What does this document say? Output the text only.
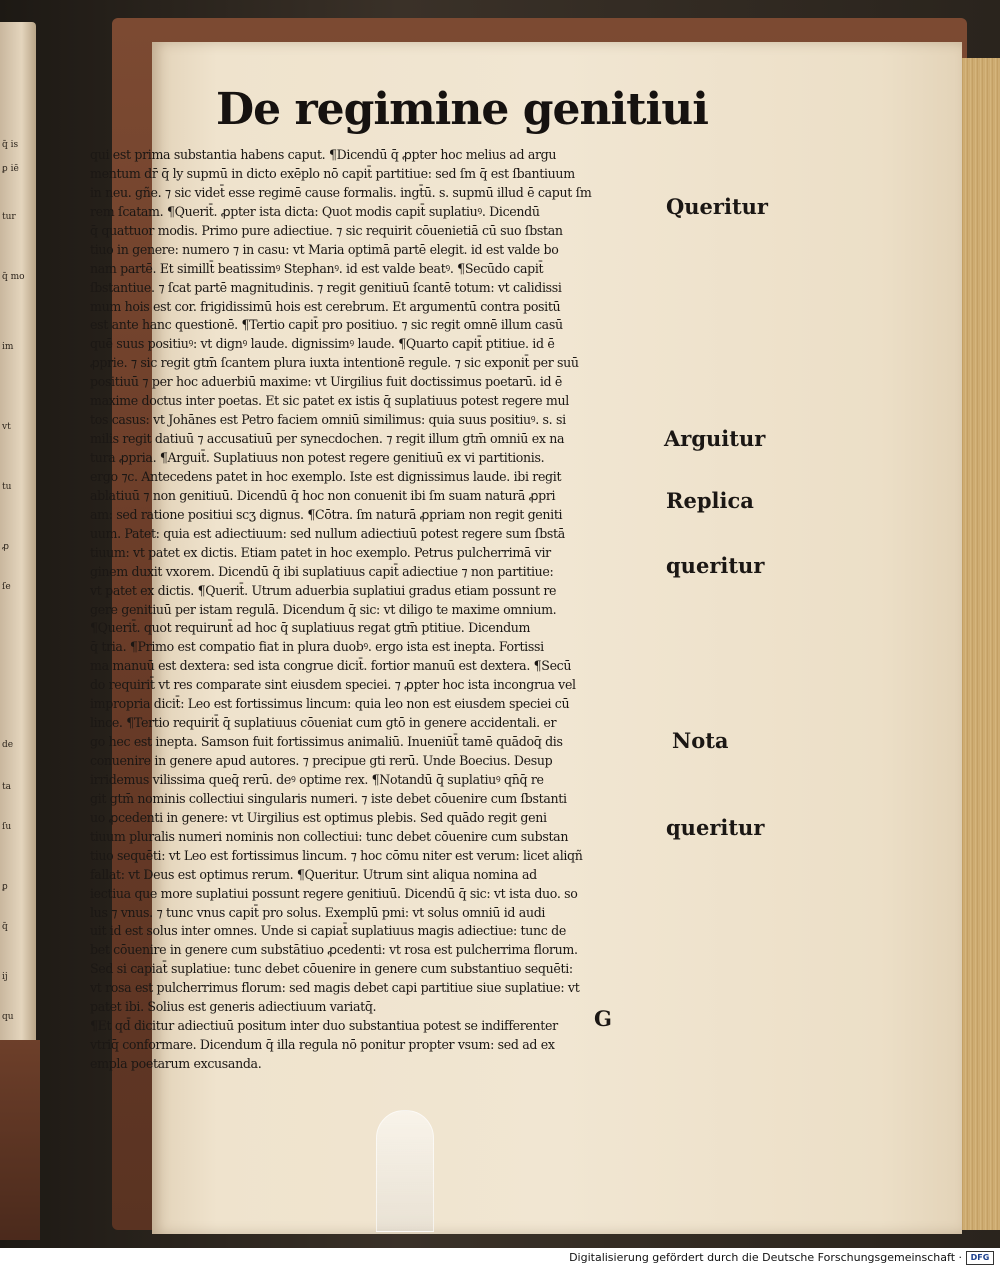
q̄ is
ꝑ iē
tur
q̄ mo
im
vt
tu
ꝓ
ſe
de
ta
ſu
ꝑ
q̄
ij
qu
De regimine genitiui
qui est prima substantia habens caput. ¶Dicendū q̄ ꝓpter hoc melius ad argu
mentum dr̄ q̄ ly supmū in dicto exēplo nō capit̄ partitiue: sed ſm q̄ est ſbantiuum
in neu. gñe. ⁊ sic videt̄ esse regimē cause formalis. ingt̄ū. s. supmū illud ē caput ſm
rem ſcatam. ¶Querit̄. ꝓpter ista dicta: Quot modis capit̄ suplatiuꝰ. Dicendū
q̄ quattuor modis. Primo pure adiectiue. ⁊ sic requirit cōuenietiā cū suo ſbstan
tiuo in genere: numero ⁊ in casu: vt Maria optimā partē elegit. id est valde bo
nam partē. Et simillt̄ beatissimꝰ Stephanꝰ. id est valde beatꝰ. ¶Secūdo capit̄
ſbstantiue. ⁊ ſcat partē magnitudinis. ⁊ regit genitiuū ſcantē totum: vt calidissi
mum hois est cor. frigidissimū hois est cerebrum. Et argumentū contra positū
est ante hanc questionē. ¶Tertio capit̄ pro positiuo. ⁊ sic regit omnē illum casū
quē suus positiuꝰ: vt dignꝰ laude. dignissimꝰ laude. ¶Quarto capit̄ ptitiue. id ē
ꝓprie. ⁊ sic regit gtm̄ ſcantem plura iuxta intentionē regule. ⁊ sic exponit̄ per suū
positiuū ⁊ per hoc aduerbiū maxime: vt Uirgilius fuit doctissimus poetarū. id ē
maxime doctus inter poetas. Et sic patet ex istis q̄ suplatiuus potest regere mul
tos casus: vt Johānes est Petro faciem omniū similimus: quia suus positiuꝰ. s. si
milis regit datiuū ⁊ accusatiuū per synecdochen. ⁊ regit illum gtm̄ omniū ex na
tura ꝓpria. ¶Arguit̄. Suplatiuus non potest regere genitiuū ex vi partitionis.
ergo ⁊c. Antecedens patet in hoc exemplo. Iste est dignissimus laude. ibi regit
ablatiuū ⁊ non genitiuū. Dicendū q̄ hoc non conuenit ibi ſm suam naturā ꝓpri
am: sed ratione positiui scʒ dignus. ¶Cōtra. ſm naturā ꝓpriam non regit geniti
uum. Patet: quia est adiectiuum: sed nullum adiectiuū potest regere sum ſbstā
tiuum: vt patet ex dictis. Etiam patet in hoc exemplo. Petrus pulcherrimā vir
ginem duxit vxorem. Dicendū q̄ ibi suplatiuus capit̄ adiectiue ⁊ non partitiue:
vt patet ex dictis. ¶Querit̄. Utrum aduerbia suplatiui gradus etiam possunt re
gere genitiuū per istam regulā. Dicendum q̄ sic: vt diligo te maxime omnium.
¶Querit̄. quot requirunt̄ ad hoc q̄ suplatiuus regat gtm̄ ptitiue. Dicendum
q̄ tria. ¶Primo est compatio fiat in plura duobꝰ. ergo ista est inepta. Fortissi
ma manuū est dextera: sed ista congrue dicit̄. fortior manuū est dextera. ¶Secū
do requirit̄ vt res comparate sint eiusdem speciei. ⁊ ꝓpter hoc ista incongrua vel
impropria dicit̄: Leo est fortissimus lincum: quia leo non est eiusdem speciei cū
lince. ¶Tertio requirit̄ q̄ suplatiuus cōueniat cum gtō in genere accidentali. er
go hec est inepta. Samson fuit fortissimus animaliū. Inueniūt̄ tamē quādoq̄ dis
conuenire in genere apud autores. ⁊ precipue gti rerū. Unde Boecius. Desup
irridemus vilissima queq̄ rerū. deꝰ optime rex. ¶Notandū q̄ suplatiuꝰ qn̄q̄ re
git gtm̄ nominis collectiui singularis numeri. ⁊ iste debet cōuenire cum ſbstanti
uo ꝓcedenti in genere: vt Uirgilius est optimus plebis. Sed quādo regit geni
tiuum pluralis numeri nominis non collectiui: tunc debet cōuenire cum substan
tiuo sequēti: vt Leo est fortissimus lincum. ⁊ hoc cōmu niter est verum: licet aliqñ
fallat: vt Deus est optimus rerum. ¶Queritur. Utrum sint aliqua nomina ad
iectiua que more suplatiui possunt regere genitiuū. Dicendū q̄ sic: vt ista duo. so
lus ⁊ vnus. ⁊ tunc vnus capit̄ pro solus. Exemplū pmi: vt solus omniū id audi
uit id est solus inter omnes. Unde si capiat̄ suplatiuus magis adiectiue: tunc de
bet cōuenire in genere cum substātiuo ꝓcedenti: vt rosa est pulcherrima florum.
Sed si capiat̄ suplatiue: tunc debet cōuenire in genere cum substantiuo sequēti:
vt rosa est pulcherrimus florum: sed magis debet capi partitiue siue suplatiue: vt
patet ibi. Solius est generis adiectiuum variatq̄.
¶Et qd̄ dicitur adiectiuū positum inter duo substantiua potest se indifferenter
vtriq̄ conformare. Dicendum q̄ illa regula nō ponitur propter vsum: sed ad ex
empla poetarum excusanda.
Queritur
Arguitur
Replica
queritur
Nota
queritur
G
Digitalisierung gefördert durch die Deutsche Forschungsgemeinschaft ·	DFG
